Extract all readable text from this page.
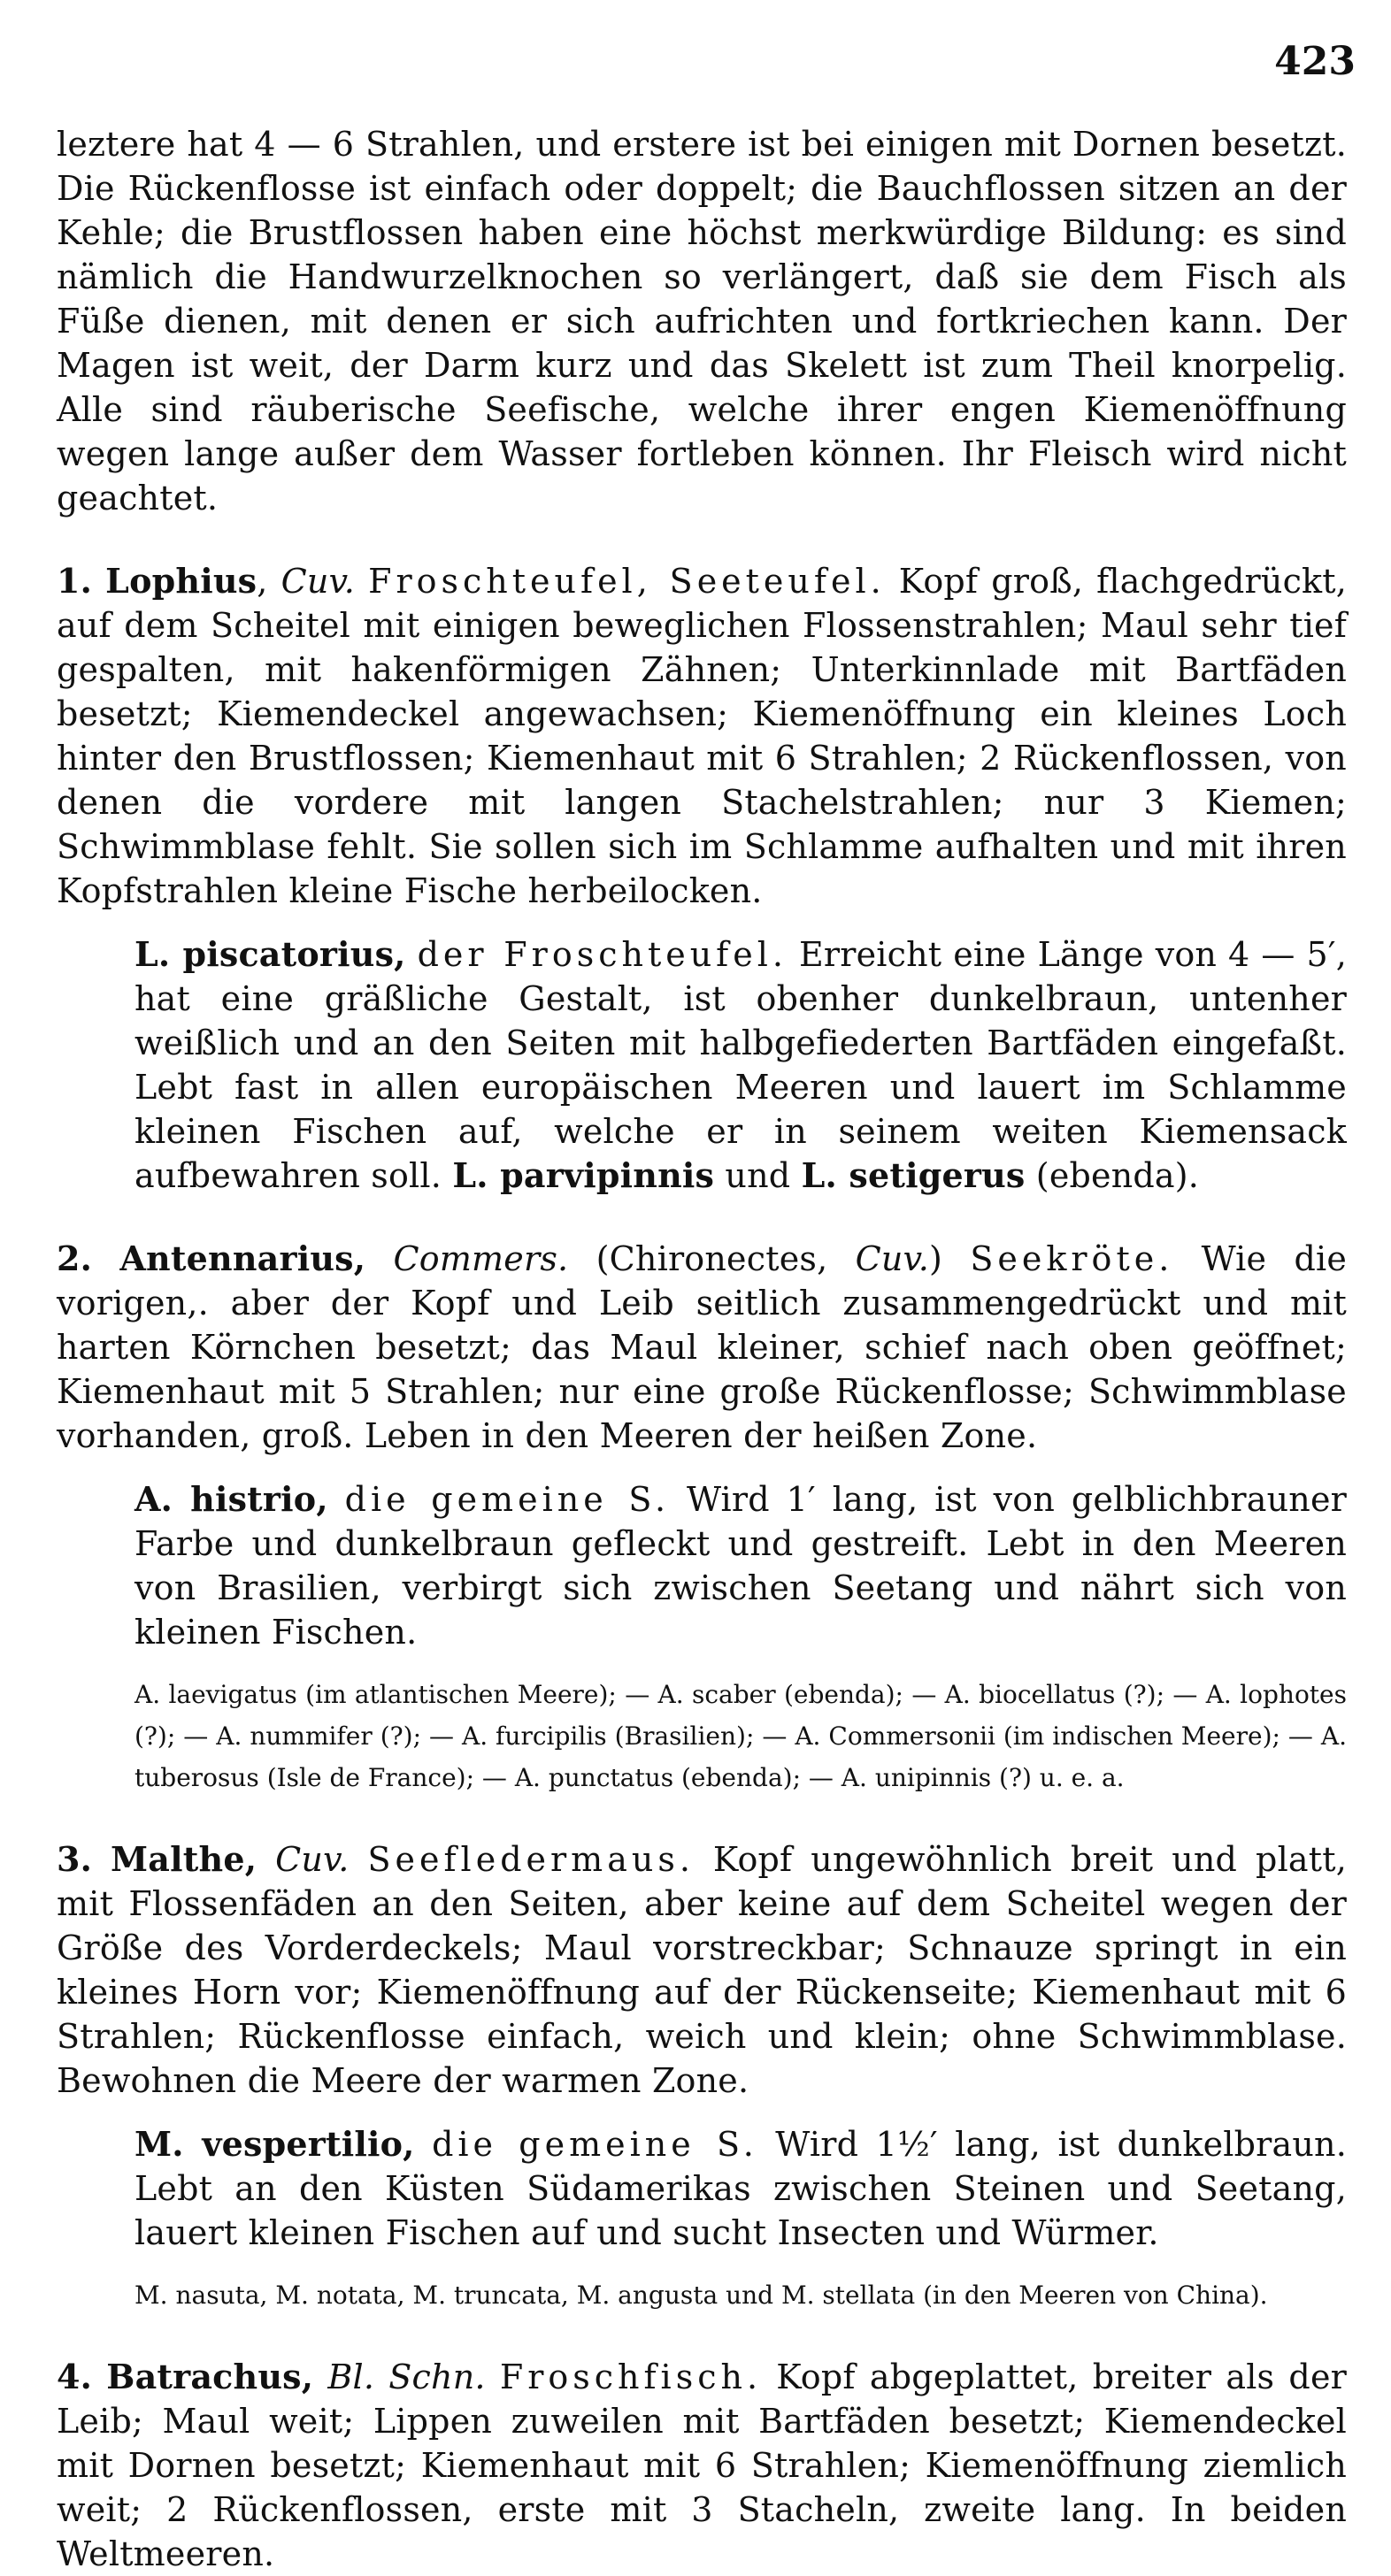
423

leztere hat 4 — 6 Strahlen, und erstere ist bei einigen mit Dornen besetzt. Die Rückenflosse ist einfach oder doppelt; die Bauchflossen sitzen an der Kehle; die Brustflossen haben eine höchst merkwürdige Bildung: es sind nämlich die Handwurzelknochen so verlängert, daß sie dem Fisch als Füße dienen, mit denen er sich aufrichten und fortkriechen kann. Der Magen ist weit, der Darm kurz und das Skelett ist zum Theil knorpelig. Alle sind räuberische Seefische, welche ihrer engen Kiemenöffnung wegen lange außer dem Wasser fortleben können. Ihr Fleisch wird nicht geachtet.

1. Lophius, Cuv. Froschteufel, Seeteufel. Kopf groß, flachgedrückt, auf dem Scheitel mit einigen beweglichen Flossenstrahlen; Maul sehr tief gespalten, mit hakenförmigen Zähnen; Unterkinnlade mit Bartfäden besetzt; Kiemendeckel angewachsen; Kiemenöffnung ein kleines Loch hinter den Brustflossen; Kiemenhaut mit 6 Strahlen; 2 Rückenflossen, von denen die vordere mit langen Stachelstrahlen; nur 3 Kiemen; Schwimmblase fehlt. Sie sollen sich im Schlamme aufhalten und mit ihren Kopfstrahlen kleine Fische herbeilocken.

L. piscatorius, der Froschteufel. Erreicht eine Länge von 4 — 5′, hat eine gräßliche Gestalt, ist obenher dunkelbraun, untenher weißlich und an den Seiten mit halbgefiederten Bartfäden eingefaßt. Lebt fast in allen europäischen Meeren und lauert im Schlamme kleinen Fischen auf, welche er in seinem weiten Kiemensack aufbewahren soll. L. parvipinnis und L. setigerus (ebenda).

2. Antennarius, Commers. (Chironectes, Cuv.) Seekröte. Wie die vorigen,. aber der Kopf und Leib seitlich zusammengedrückt und mit harten Körnchen besetzt; das Maul kleiner, schief nach oben geöffnet; Kiemenhaut mit 5 Strahlen; nur eine große Rückenflosse; Schwimmblase vorhanden, groß. Leben in den Meeren der heißen Zone.

A. histrio, die gemeine S. Wird 1′ lang, ist von gelblichbrauner Farbe und dunkelbraun gefleckt und gestreift. Lebt in den Meeren von Brasilien, verbirgt sich zwischen Seetang und nährt sich von kleinen Fischen.

A. laevigatus (im atlantischen Meere); — A. scaber (ebenda); — A. biocellatus (?); — A. lophotes (?); — A. nummifer (?); — A. furcipilis (Brasilien); — A. Commersonii (im indischen Meere); — A. tuberosus (Isle de France); — A. punctatus (ebenda); — A. unipinnis (?) u. e. a.

3. Malthe, Cuv. Seefledermaus. Kopf ungewöhnlich breit und platt, mit Flossenfäden an den Seiten, aber keine auf dem Scheitel wegen der Größe des Vorderdeckels; Maul vorstreckbar; Schnauze springt in ein kleines Horn vor; Kiemenöffnung auf der Rückenseite; Kiemenhaut mit 6 Strahlen; Rückenflosse einfach, weich und klein; ohne Schwimmblase. Bewohnen die Meere der warmen Zone.

M. vespertilio, die gemeine S. Wird 1½′ lang, ist dunkelbraun. Lebt an den Küsten Südamerikas zwischen Steinen und Seetang, lauert kleinen Fischen auf und sucht Insecten und Würmer.

M. nasuta, M. notata, M. truncata, M. angusta und M. stellata (in den Meeren von China).

4. Batrachus, Bl. Schn. Froschfisch. Kopf abgeplattet, breiter als der Leib; Maul weit; Lippen zuweilen mit Bartfäden besetzt; Kiemendeckel mit Dornen besetzt; Kiemenhaut mit 6 Strahlen; Kiemenöffnung ziemlich weit; 2 Rückenflossen, erste mit 3 Stacheln, zweite lang. In beiden Weltmeeren.
